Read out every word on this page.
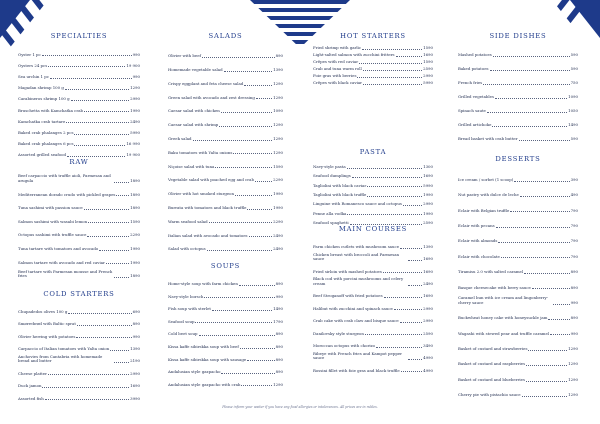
SPECIALTIES
Oyster 1 pc	990
Oysters 24 pcs	19 900
Sea urchin 1 pc	990
Magadan shrimp 100 g	1290
Carabineros shrimp 100 g	2990
Bruschetta with Kamchatka crab	1990
Kamchatka crab tartare	2490
Baked crab phalanges 2 pcs	5990
Baked crab phalanges 6 pcs	16 990
Assorted grilled seafood	19 900
RAW
Beef carpaccio with truffle aioli, Parmesan and arugula	1890
Mediterranean dorado crudo with pickled grapes	1890
Tuna sashimi with passion sauce	1890
Salmon sashimi with wasabi lemon	1590
Octopus sashimi with truffle sauce	2290
Tuna tartare with tomatoes and avocado	1990
Salmon tartare with avocado and red caviar	1990
Beef tartare with Parmesan mousse and French fries	1890
COLD STARTERS
Chupadedos olives 100 g	690
Smørrebrød with Baltic sprat	890
Olivier herring with potatoes	990
Carpaccio of Italian tomatoes with Yalta onion	1390
Anchovies from Cantabria with homemade bread and butter	2190
Cheese platter	2990
Duck jamon	1690
Assorted fish	3990
SALADS
Olivier with beef	890
Homemade vegetable salad	1390
Crispy eggplant and feta cheese salad	1290
Green salad with avocado and zest dressing	1290
Caesar salad with chicken	1090
Caesar salad with shrimp	1290
Greek salad	1290
Baku tomatoes with Yalta onions	1290
Niçoise salad with tuna	1590
Vegetable salad with poached egg and crab	2290
Olivier with hot smoked sturgeon	1990
Burrata with tomatoes and black truffle	1990
Warm seafood salad	2290
Italian salad with avocado and tomatoes	2490
Salad with octopus	2490
SOUPS
Home-style soup with farm chicken	890
Navy-style borsch	990
Fish soup with sterlet	1490
Seafood soup	1790
Cold beet soup	890
Kissa kaffe sibirskka soup with beef	890
Kissa kaffe sibirskka soup with sausage	890
Andalusian style gazpacho	890
Andalusian style gazpacho with crab	1290
HOT STARTERS
Fried shrimp with garlic	1590
Light-salted salmon with zucchini fritters	1690
Crêpes with red caviar	1590
Crab and tuna warm roll	2590
Foie gras with berries	2990
Crêpes with black caviar	5990
PASTA
Navy-style pasta	1300
Seafood dumplings	1690
Tagliolini with black caviar	5990
Tagliolini with black truffle	1990
Linguine with Romanesco sauce and octopus	2990
Penne alla vodka	1990
Seafood spaghetti	2590
MAIN COURSES
Farm chicken cutlets with mushroom sauce	1390
Chicken breast with broccoli and Parmesan sauce	1690
Fried sirloin with mashed potatoes	1690
Black cod with porcini mushrooms and celery cream	2490
Beef Stroganoff with fried potatoes	1690
Halibut with zucchini and spinach sauce	2990
Crab cake with crab claw and bisque sauce	2990
Danilovsky style sturgeon	2590
Moroccan octopus with chorizo	3490
Ribeye with French fries and Kampot pepper sauce	4990
Rossini fillet with foie gras and black truffle	4990
SIDE DISHES
Mashed potatoes	590
Baked potatoes	590
French fries	750
Grilled vegetables	1090
Spinach saute	1050
Grilled artichoke	1490
Bread basket with crab butter	590
DESSERTS
Ice cream / sorbet (1 scoop)	390
Nut pastry with dulce de leche	490
Eclair with Belgian truffle	790
Eclair with pecans	790
Eclair with almonds	790
Eclair with chocolate	790
Tiramisu 2.0 with salted caramel	890
Basque cheesecake with berry sauce	890
Caramel bun with ice cream and lingonberry-cherry sauce	990
Buckwheat honey cake with honeysuckle jam	890
Wagashi with stewed pear and truffle caramel	990
Basket of custard and strawberries	1290
Basket of custard and raspberries	1290
Basket of custard and blueberries	1290
Cherry pie with pistachio sauce	1290
Please inform your waiter if you have any food allergies or intolerances. All prices are in rubles.
